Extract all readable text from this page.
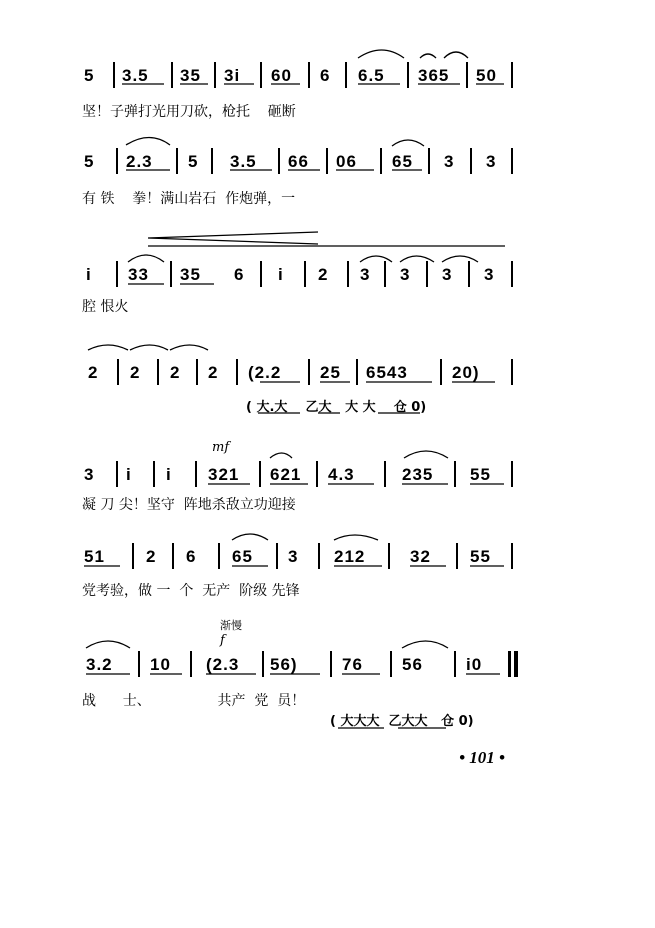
5 3.5 35 3i 60 6 6.5 365 50
坚！子弹打光用刀砍，枪托    砸断
5 2.3 5 3.5 66 06 65 3 3
有 铁    拳！满山岩石  作炮弹，一
i 33 35 6 i 2 3 3 3 3
腔 恨火
2 2 2 2 (2.2 25 6543	20)
( 大.大    乙大   大 大    仓 0)
mf
3 i i 321 621 4.3	235 55
凝 刀 尖！坚守  阵地杀敌立功迎接
51 2 6 65 3 212	32 55
党考验，做 一  个  无产  阶级 先锋
渐慢
f
3.2 10 (2.3 56)	76 56	i0
战      士、               共产  党  员！
( 大大大  乙大大   仓 0)
• 101 •
